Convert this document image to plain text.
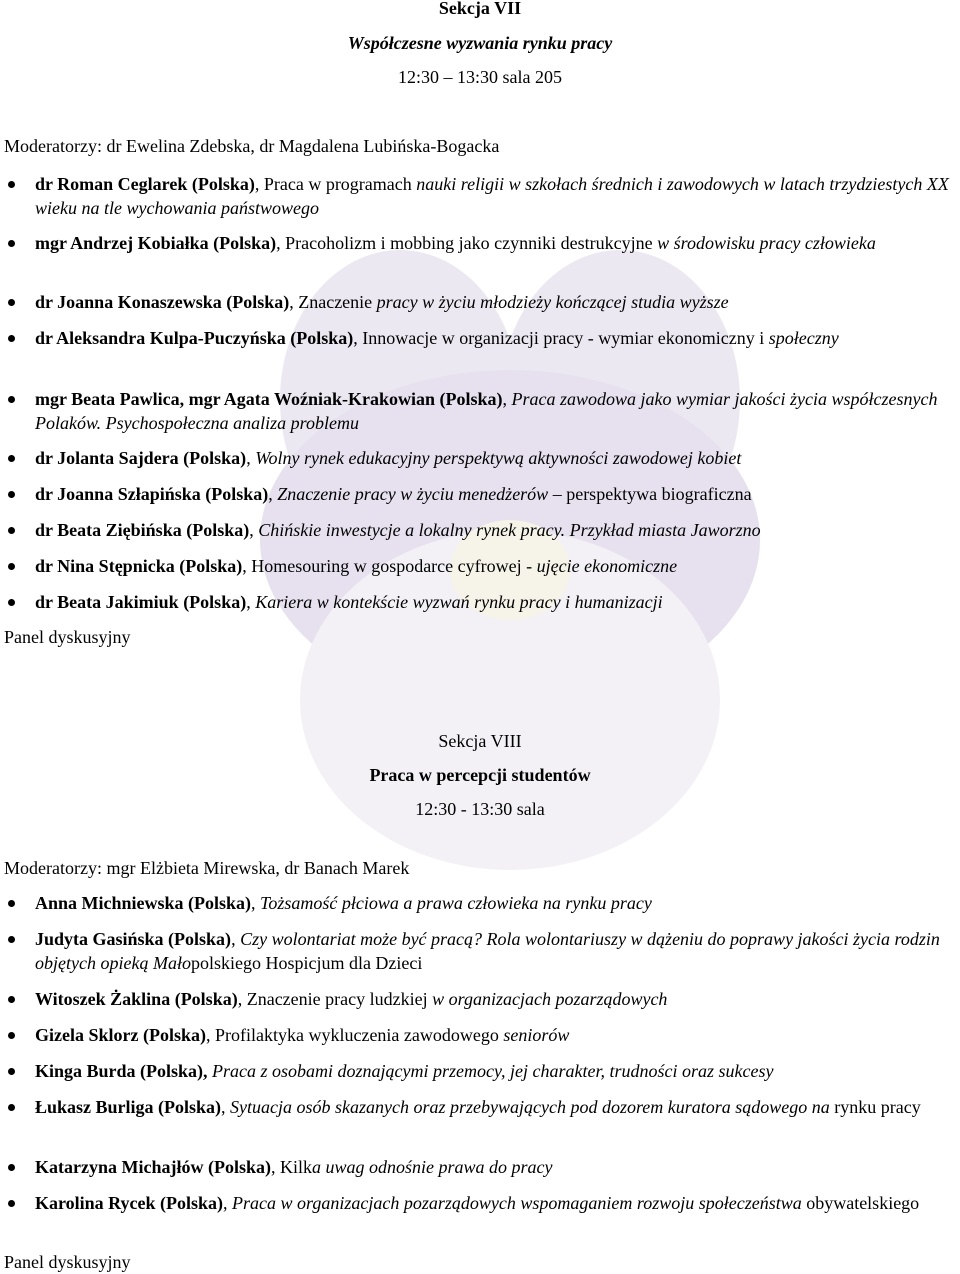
Sekcja VII
Współczesne wyzwania rynku pracy
12:30 – 13:30 sala 205
Moderatorzy: dr Ewelina Zdebska, dr Magdalena Lubińska-Bogacka
dr Roman Ceglarek (Polska), Praca w programach nauki religii w szkołach średnich i zawodowych w latach trzydziestych XX wieku na tle wychowania państwowego
mgr Andrzej Kobiałka (Polska), Pracoholizm i mobbing jako czynniki destrukcyjne w środowisku pracy człowieka
dr Joanna Konaszewska (Polska), Znaczenie pracy w życiu młodzieży kończącej studia wyższe
dr Aleksandra Kulpa-Puczyńska (Polska), Innowacje w organizacji pracy - wymiar ekonomiczny i społeczny
mgr Beata Pawlica, mgr Agata Woźniak-Krakowian (Polska), Praca zawodowa jako wymiar jakości życia współczesnych Polaków. Psychospołeczna analiza problemu
dr Jolanta Sajdera (Polska), Wolny rynek edukacyjny perspektywą aktywności zawodowej kobiet
dr Joanna Szłapińska (Polska), Znaczenie pracy w życiu menedżerów – perspektywa biograficzna
dr Beata Ziębińska (Polska), Chińskie inwestycje a lokalny rynek pracy. Przykład miasta Jaworzno
dr Nina Stępnicka (Polska), Homesouring w gospodarce cyfrowej - ujęcie ekonomiczne
dr Beata Jakimiuk (Polska), Kariera w kontekście wyzwań rynku pracy i humanizacji
Panel dyskusyjny
Sekcja VIII
Praca w percepcji studentów
12:30 - 13:30 sala
Moderatorzy: mgr Elżbieta Mirewska, dr Banach Marek
Anna Michniewska (Polska), Tożsamość płciowa a prawa człowieka na rynku pracy
Judyta Gasińska (Polska), Czy wolontariat może być pracą? Rola wolontariuszy w dążeniu do poprawy jakości życia rodzin objętych opieką Małopolskiego Hospicjum dla Dzieci
Witoszek Żaklina (Polska), Znaczenie pracy ludzkiej w organizacjach pozarządowych
Gizela Sklorz (Polska), Profilaktyka wykluczenia zawodowego seniorów
Kinga Burda (Polska), Praca z osobami doznającymi przemocy, jej charakter, trudności oraz sukcesy
Łukasz Burliga (Polska), Sytuacja osób skazanych oraz przebywających pod dozorem kuratora sądowego na rynku pracy
Katarzyna Michajłów (Polska), Kilka uwag odnośnie prawa do pracy
Karolina Rycek (Polska), Praca w organizacjach pozarządowych wspomaganiem rozwoju społeczeństwa obywatelskiego
Panel dyskusyjny
